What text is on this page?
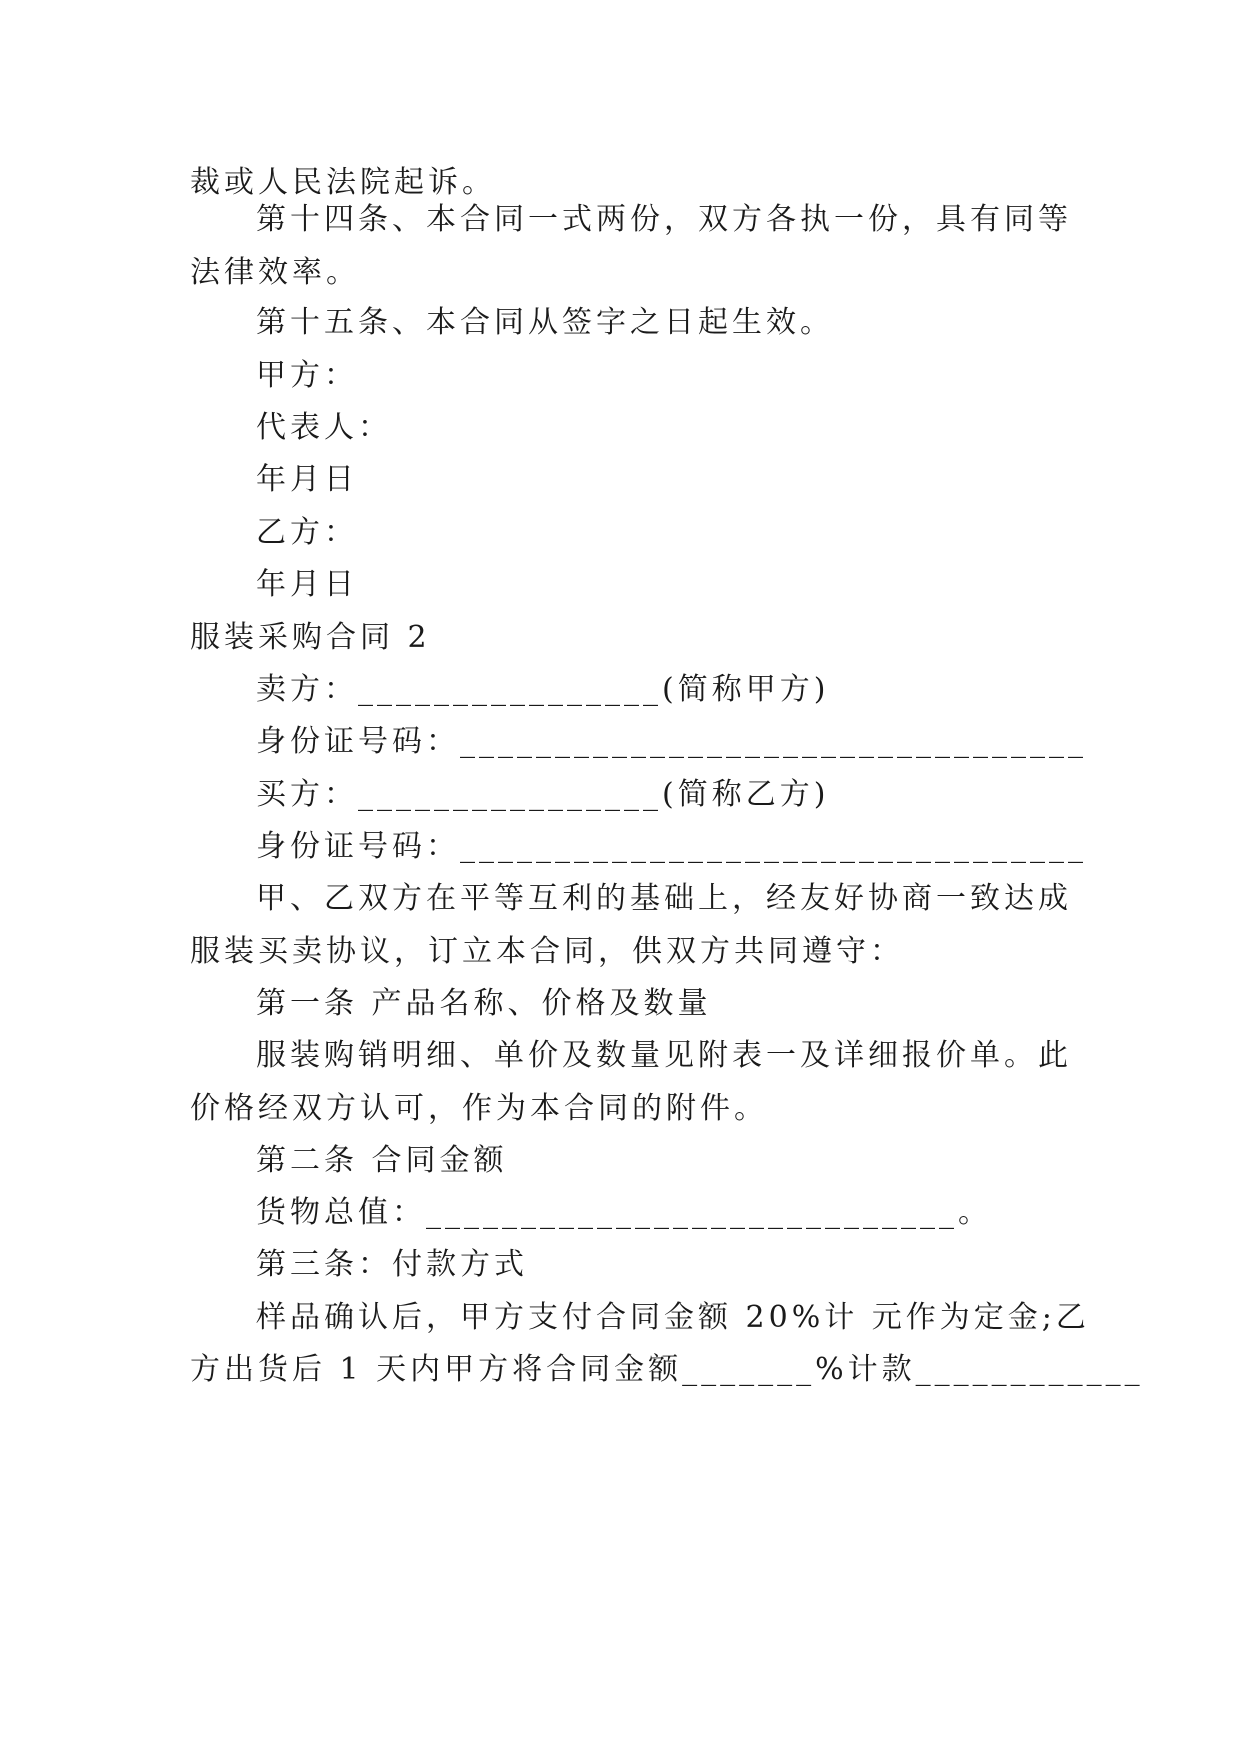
裁或人民法院起诉。
第十四条、本合同一式两份，双方各执一份，具有同等
法律效率。
第十五条、本合同从签字之日起生效。
甲方：
代表人：
年月日
乙方：
年月日
服装采购合同 2
卖方：________________(简称甲方)
身份证号码：_________________________________
买方：________________(简称乙方)
身份证号码：_________________________________
甲、乙双方在平等互利的基础上，经友好协商一致达成
服装买卖协议，订立本合同，供双方共同遵守：
第一条 产品名称、价格及数量
服装购销明细、单价及数量见附表一及详细报价单。此
价格经双方认可，作为本合同的附件。
第二条 合同金额
货物总值：____________________________。
第三条：付款方式
样品确认后，甲方支付合同金额 20%计 元作为定金;乙
方出货后 1 天内甲方将合同金额_______%计款____________
